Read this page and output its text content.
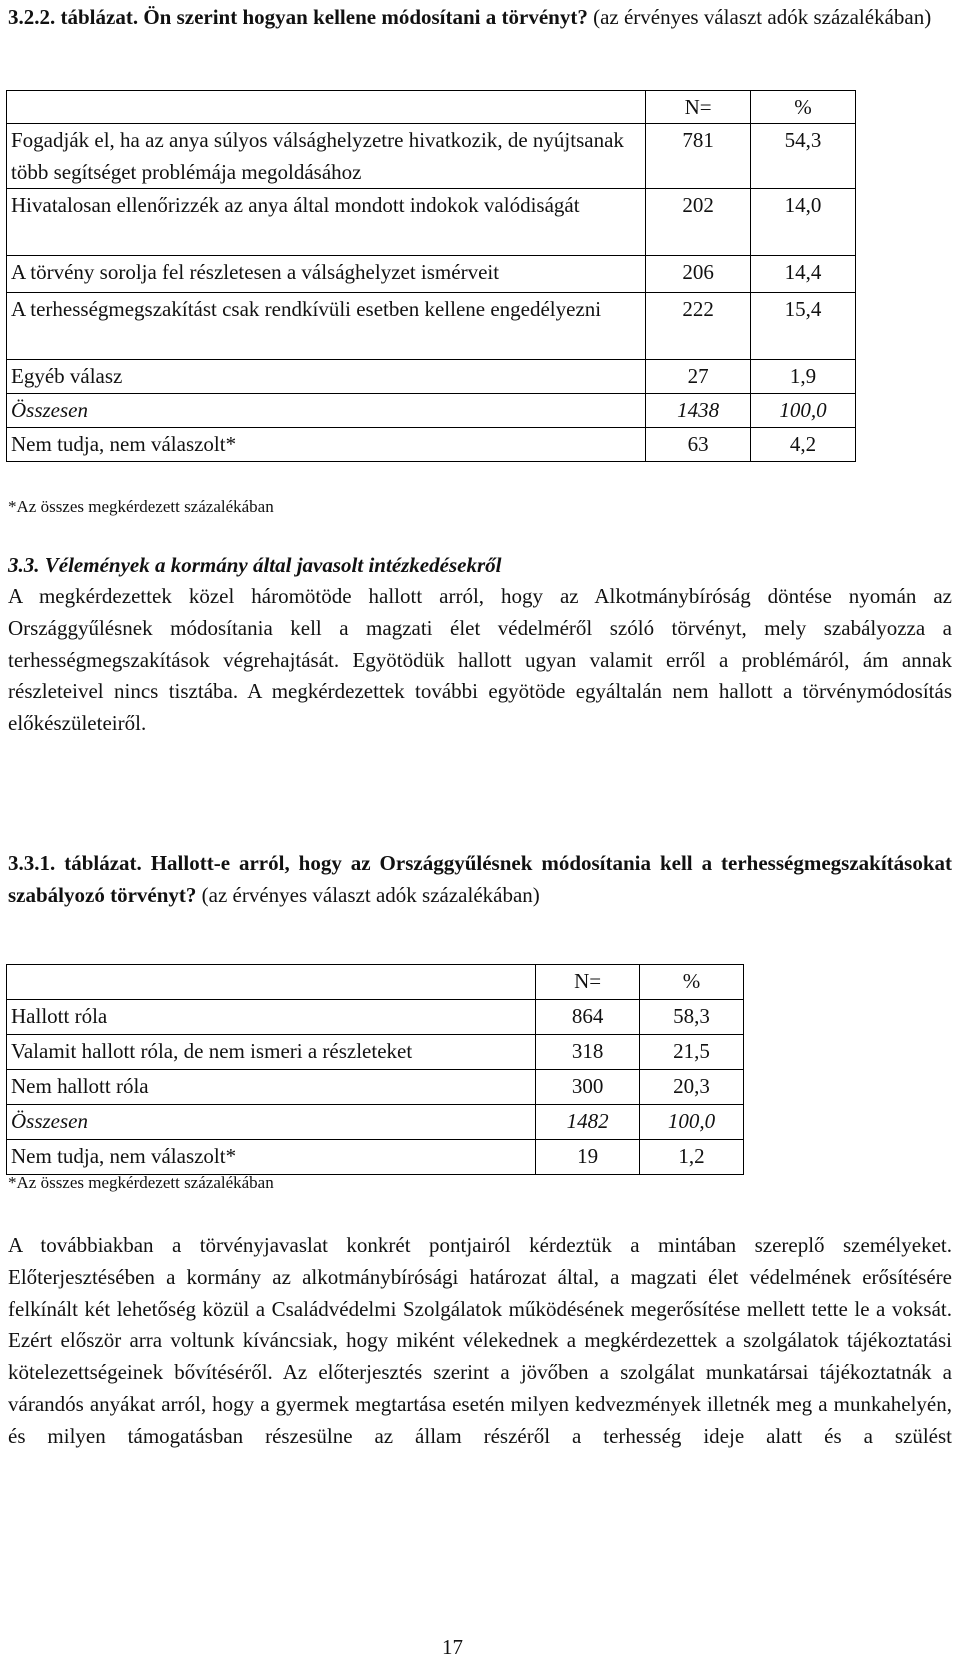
3.2.2. táblázat. Ön szerint hogyan kellene módosítani a törvényt? (az érvényes választ adók százalékában)
	N=	%
Fogadják el, ha az anya súlyos válsághelyzetre hivatkozik, de nyújtsanak több segítséget problémája megoldásához	781	54,3
Hivatalosan ellenőrizzék az anya által mondott indokok valódiságát	202	14,0
A törvény sorolja fel részletesen a válsághelyzet ismérveit	206	14,4
A terhességmegszakítást csak rendkívüli esetben kellene engedélyezni	222	15,4
Egyéb válasz	27	1,9
Összesen	1438	100,0
Nem tudja, nem válaszolt*	63	4,2
*Az összes megkérdezett százalékában
3.3. Vélemények a kormány által javasolt intézkedésekről
A megkérdezettek közel háromötöde hallott arról, hogy az Alkotmánybíróság döntése nyomán az Országgyűlésnek módosítania kell a magzati élet védelméről szóló törvényt, mely szabályozza a terhességmegszakítások végrehajtását. Egyötödük hallott ugyan valamit erről a problémáról, ám annak részleteivel nincs tisztába. A megkérdezettek további egyötöde egyáltalán nem hallott a törvénymódosítás előkészületeiről.
3.3.1. táblázat. Hallott-e arról, hogy az Országgyűlésnek módosítania kell a terhességmegszakításokat szabályozó törvényt? (az érvényes választ adók százalékában)
	N=	%
Hallott róla	864	58,3
Valamit hallott róla, de nem ismeri a részleteket	318	21,5
Nem hallott róla	300	20,3
Összesen	1482	100,0
Nem tudja, nem válaszolt*	19	1,2
*Az összes megkérdezett százalékában
A továbbiakban a törvényjavaslat konkrét pontjairól kérdeztük a mintában szereplő személyeket. Előterjesztésében a kormány az alkotmánybírósági határozat által, a magzati élet védelmének erősítésére felkínált két lehetőség közül a Családvédelmi Szolgálatok működésének megerősítése mellett tette le a voksát. Ezért először arra voltunk kíváncsiak, hogy miként vélekednek a megkérdezettek a szolgálatok tájékoztatási kötelezettségeinek bővítéséről. Az előterjesztés szerint a jövőben a szolgálat munkatársai tájékoztatnák a várandós anyákat arról, hogy a gyermek megtartása esetén milyen kedvezmények illetnék meg a munkahelyén, és milyen támogatásban részesülne az állam részéről a terhesség ideje alatt és a szülést
17
